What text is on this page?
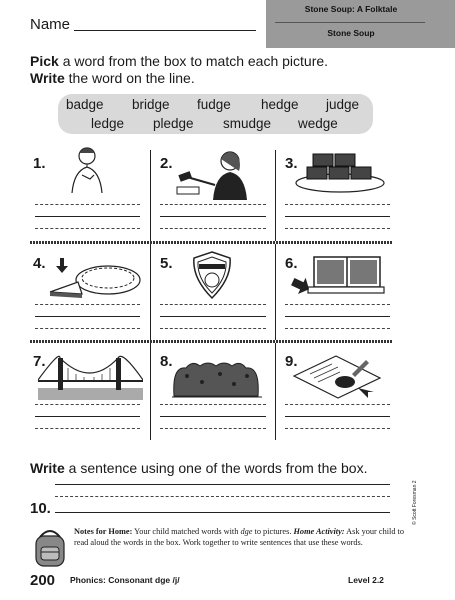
Name
Stone Soup: A Folktale
Stone Soup
Pick a word from the box to match each picture.
Write the word on the line.
badge bridge fudge hedge judge
ledge pledge smudge wedge
1.	2.	3.
4.	5.	6.
7.	8.	9.
Write a sentence using one of the words from the box.
10.
Notes for Home: Your child matched words with dge to pictures. Home Activity: Ask your child to read aloud the words in the box. Work together to write sentences that use these words.
© Scott Foresman 2
200 Phonics: Consonant dge /j/	Level 2.2
